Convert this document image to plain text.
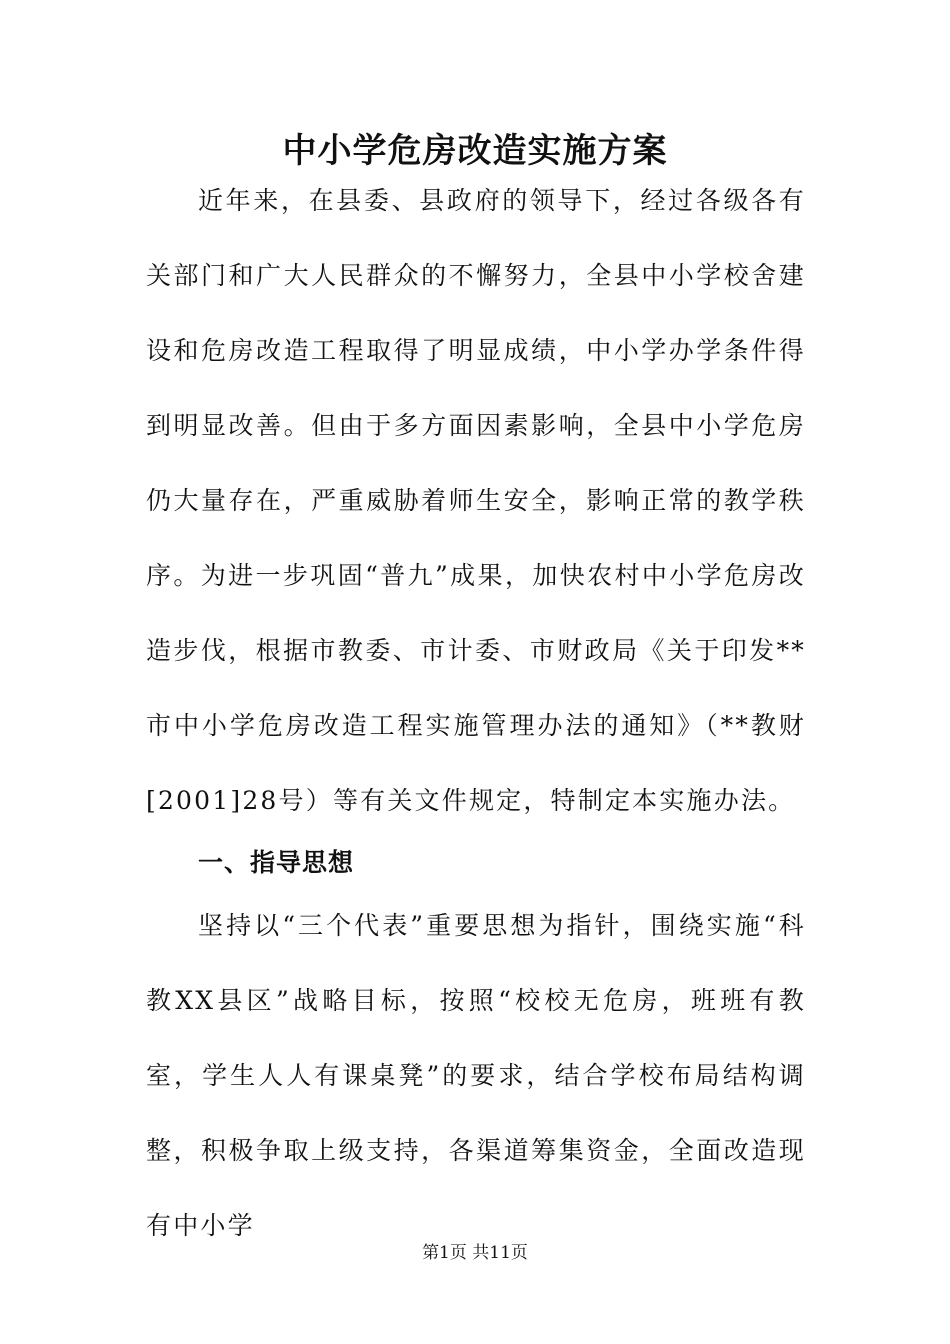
中小学危房改造实施方案
近年来，在县委、县政府的领导下，经过各级各有关部门和广大人民群众的不懈努力，全县中小学校舍建设和危房改造工程取得了明显成绩，中小学办学条件得到明显改善。但由于多方面因素影响，全县中小学危房仍大量存在，严重威胁着师生安全，影响正常的教学秩序。为进一步巩固“普九”成果，加快农村中小学危房改造步伐，根据市教委、市计委、市财政局《关于印发**市中小学危房改造工程实施管理办法的通知》（**教财[2001]28号）等有关文件规定，特制定本实施办法。
一、指导思想
坚持以“三个代表”重要思想为指针，围绕实施“科教XX县区”战略目标，按照“校校无危房，班班有教室，学生人人有课桌凳”的要求，结合学校布局结构调整，积极争取上级支持，各渠道筹集资金，全面改造现有中小学
第1页 共11页
